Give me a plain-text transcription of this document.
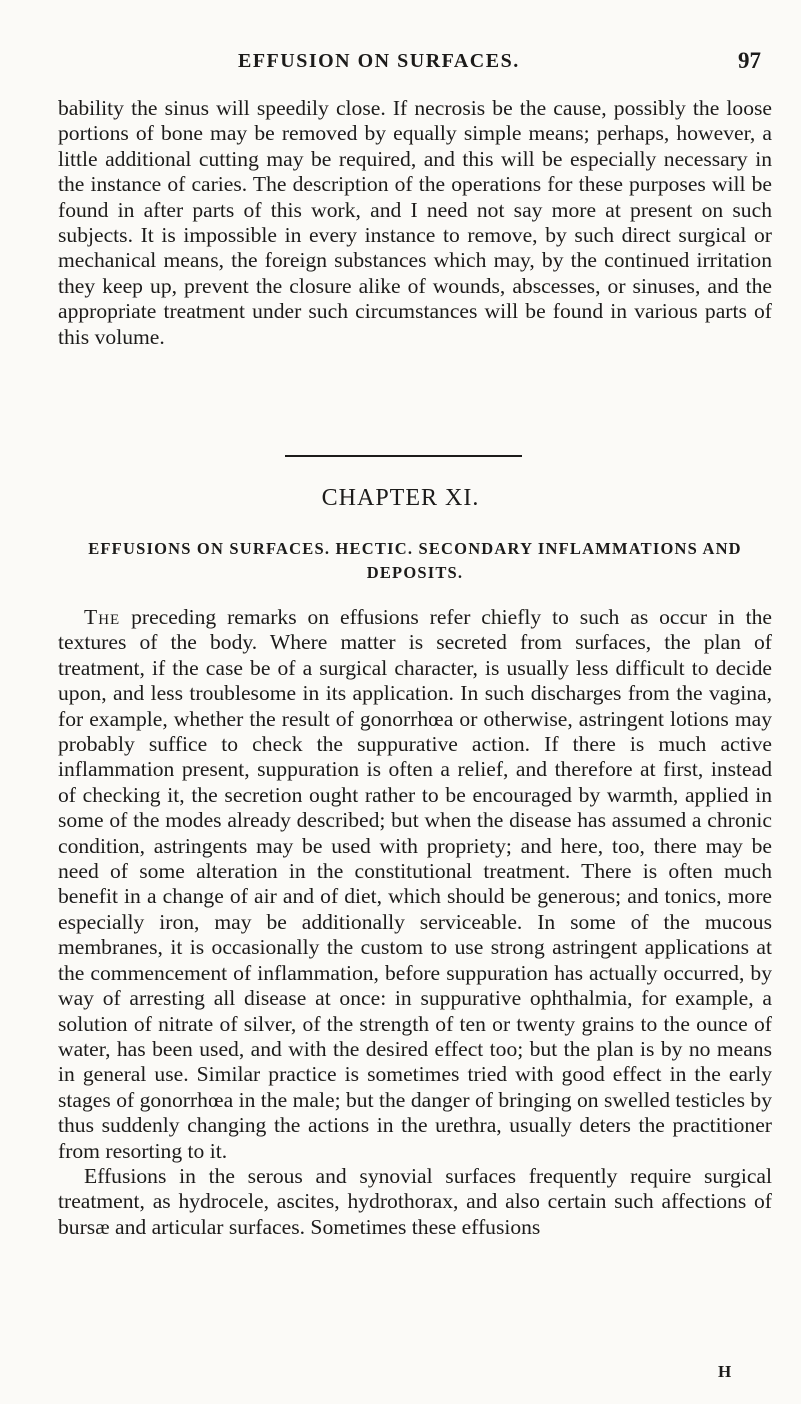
EFFUSION ON SURFACES.	97

bability the sinus will speedily close. If necrosis be the cause, possibly the loose portions of bone may be removed by equally simple means; perhaps, however, a little additional cutting may be required, and this will be especially necessary in the instance of caries. The description of the operations for these purposes will be found in after parts of this work, and I need not say more at present on such subjects. It is impossible in every instance to remove, by such direct surgical or mechanical means, the foreign substances which may, by the continued irritation they keep up, prevent the closure alike of wounds, abscesses, or sinuses, and the appropriate treatment under such circumstances will be found in various parts of this volume.

CHAPTER XI.
EFFUSIONS ON SURFACES. HECTIC. SECONDARY INFLAMMATIONS AND DEPOSITS.

The preceding remarks on effusions refer chiefly to such as occur in the textures of the body. Where matter is secreted from surfaces, the plan of treatment, if the case be of a surgical character, is usually less difficult to decide upon, and less troublesome in its application. In such discharges from the vagina, for example, whether the result of gonorrhœa or otherwise, astringent lotions may probably suffice to check the suppurative action. If there is much active inflammation present, suppuration is often a relief, and therefore at first, instead of checking it, the secretion ought rather to be encouraged by warmth, applied in some of the modes already described; but when the disease has assumed a chronic condition, astringents may be used with propriety; and here, too, there may be need of some alteration in the constitutional treatment. There is often much benefit in a change of air and of diet, which should be generous; and tonics, more especially iron, may be additionally serviceable. In some of the mucous membranes, it is occasionally the custom to use strong astringent applications at the commencement of inflammation, before suppuration has actually occurred, by way of arresting all disease at once: in suppurative ophthalmia, for example, a solution of nitrate of silver, of the strength of ten or twenty grains to the ounce of water, has been used, and with the desired effect too; but the plan is by no means in general use. Similar practice is sometimes tried with good effect in the early stages of gonorrhœa in the male; but the danger of bringing on swelled testicles by thus suddenly changing the actions in the urethra, usually deters the practitioner from resorting to it.

Effusions in the serous and synovial surfaces frequently require surgical treatment, as hydrocele, ascites, hydrothorax, and also certain such affections of bursæ and articular surfaces. Sometimes these effusions

H
